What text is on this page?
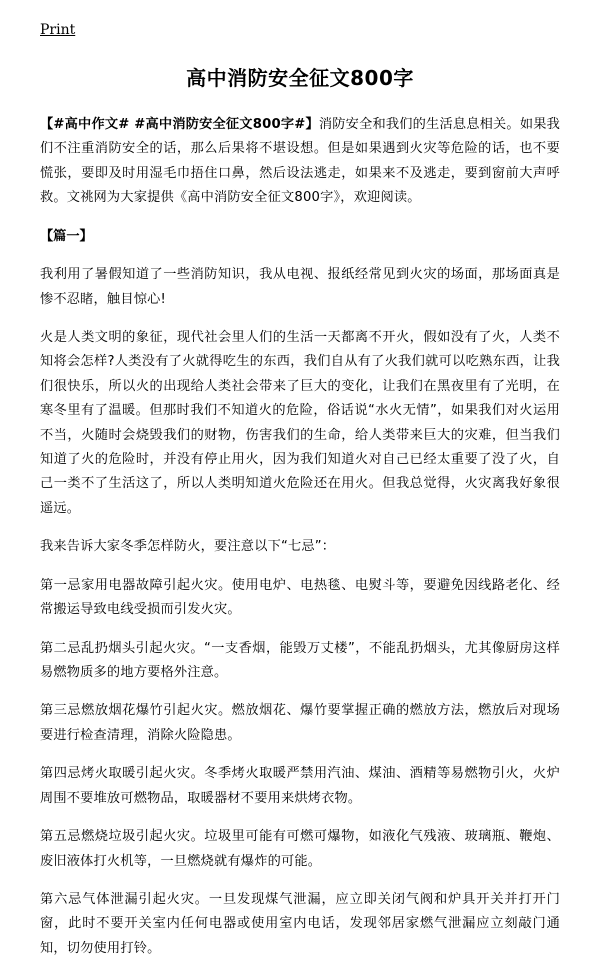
Print
高中消防安全征文800字

【#高中作文# #高中消防安全征文800字#】消防安全和我们的生活息息相关。如果我们不注重消防安全的话，那么后果将不堪设想。但是如果遇到火灾等危险的话，也不要慌张，要即及时用湿毛巾捂住口鼻，然后设法逃走，如果来不及逃走，要到窗前大声呼救。文祧网为大家提供《高中消防安全征文800字》，欢迎阅读。

【篇一】

我利用了暑假知道了一些消防知识，我从电视、报纸经常见到火灾的场面，那场面真是惨不忍睹，触目惊心!

火是人类文明的象征，现代社会里人们的生活一天都离不开火，假如没有了火，人类不知将会怎样?人类没有了火就得吃生的东西，我们自从有了火我们就可以吃熟东西，让我们很快乐，所以火的出现给人类社会带来了巨大的变化，让我们在黑夜里有了光明，在寒冬里有了温暖。但那时我们不知道火的危险，俗话说“水火无情”，如果我们对火运用不当，火随时会烧毁我们的财物，伤害我们的生命，给人类带来巨大的灾难，但当我们知道了火的危险时，并没有停止用火，因为我们知道火对自己已经太重要了没了火，自己一类不了生活这了，所以人类明知道火危险还在用火。但我总觉得，火灾离我好象很遥远。

我来告诉大家冬季怎样防火，要注意以下“七忌”：

第一忌家用电器故障引起火灾。使用电炉、电热毯、电熨斗等，要避免因线路老化、经常搬运导致电线受损而引发火灾。

第二忌乱扔烟头引起火灾。“一支香烟，能毁万丈楼”，不能乱扔烟头，尤其像厨房这样易燃物质多的地方要格外注意。

第三忌燃放烟花爆竹引起火灾。燃放烟花、爆竹要掌握正确的燃放方法，燃放后对现场要进行检查清理，消除火险隐患。

第四忌烤火取暖引起火灾。冬季烤火取暖严禁用汽油、煤油、酒精等易燃物引火，火炉周围不要堆放可燃物品，取暖器材不要用来烘烤衣物。

第五忌燃烧垃圾引起火灾。垃圾里可能有可燃可爆物，如液化气残液、玻璃瓶、鞭炮、废旧液体打火机等，一旦燃烧就有爆炸的可能。

第六忌气体泄漏引起火灾。一旦发现煤气泄漏，应立即关闭气阀和炉具开关并打开门窗，此时不要开关室内任何电器或使用室内电话，发现邻居家燃气泄漏应立刻敲门通知，切勿使用打铃。
